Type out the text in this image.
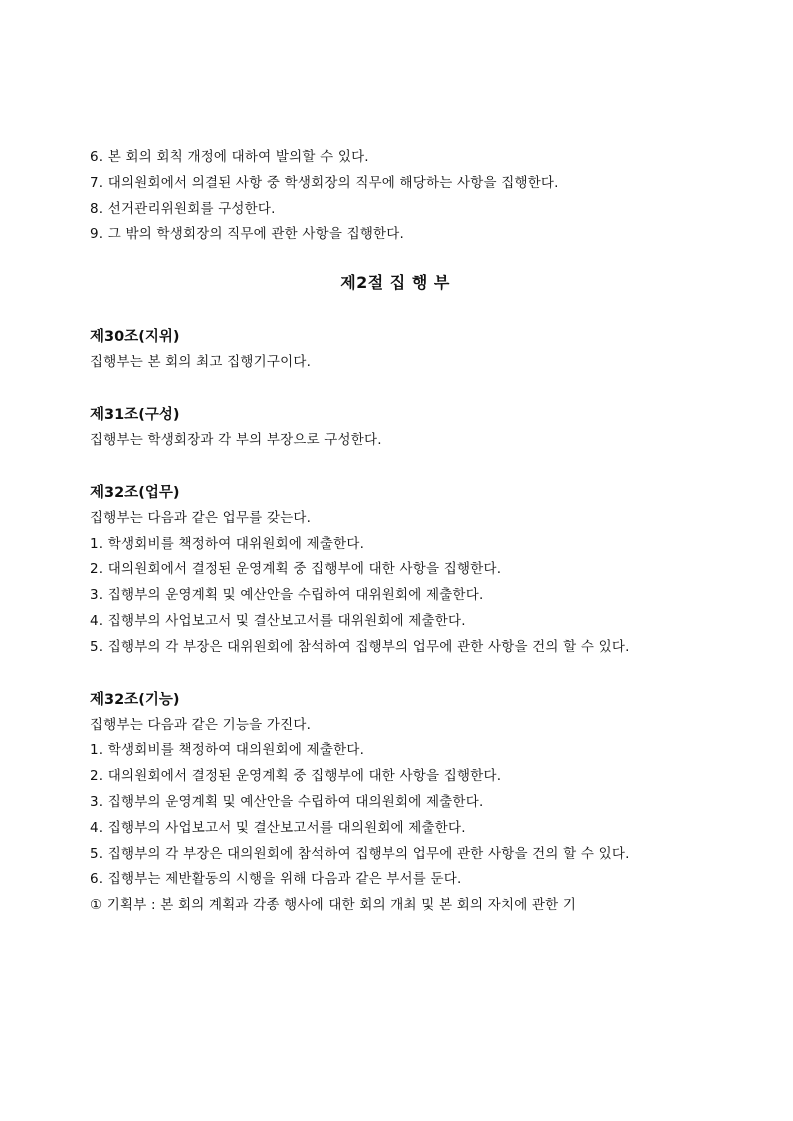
6. 본 회의 회칙 개정에 대하여 발의할 수 있다.
7. 대의원회에서 의결된 사항 중 학생회장의 직무에 해당하는 사항을 집행한다.
8. 선거관리위원회를 구성한다.
9. 그 밖의 학생회장의 직무에 관한 사항을 집행한다.
제2절 집 행 부
제30조(지위)
집행부는 본 회의 최고 집행기구이다.
제31조(구성)
집행부는 학생회장과 각 부의 부장으로 구성한다.
제32조(업무)
집행부는 다음과 같은 업무를 갖는다.
1. 학생회비를 책정하여 대위원회에 제출한다.
2. 대의원회에서 결정된 운영계획 중 집행부에 대한 사항을 집행한다.
3. 집행부의 운영계획 및 예산안을 수립하여 대위원회에 제출한다.
4. 집행부의 사업보고서 및 결산보고서를 대위원회에 제출한다.
5. 집행부의 각 부장은 대위원회에 참석하여 집행부의 업무에 관한 사항을 건의 할 수 있다.
제32조(기능)
집행부는 다음과 같은 기능을 가진다.
1. 학생회비를 책정하여 대의원회에 제출한다.
2. 대의원회에서 결정된 운영계획 중 집행부에 대한 사항을 집행한다.
3. 집행부의 운영계획 및 예산안을 수립하여 대의원회에 제출한다.
4. 집행부의 사업보고서 및 결산보고서를 대의원회에 제출한다.
5. 집행부의 각 부장은 대의원회에 참석하여 집행부의 업무에 관한 사항을 건의 할 수 있다.
6. 집행부는 제반활동의 시행을 위해 다음과 같은 부서를 둔다.
① 기획부 : 본 회의 계획과 각종 행사에 대한 회의 개최 및 본 회의 자치에 관한 기
